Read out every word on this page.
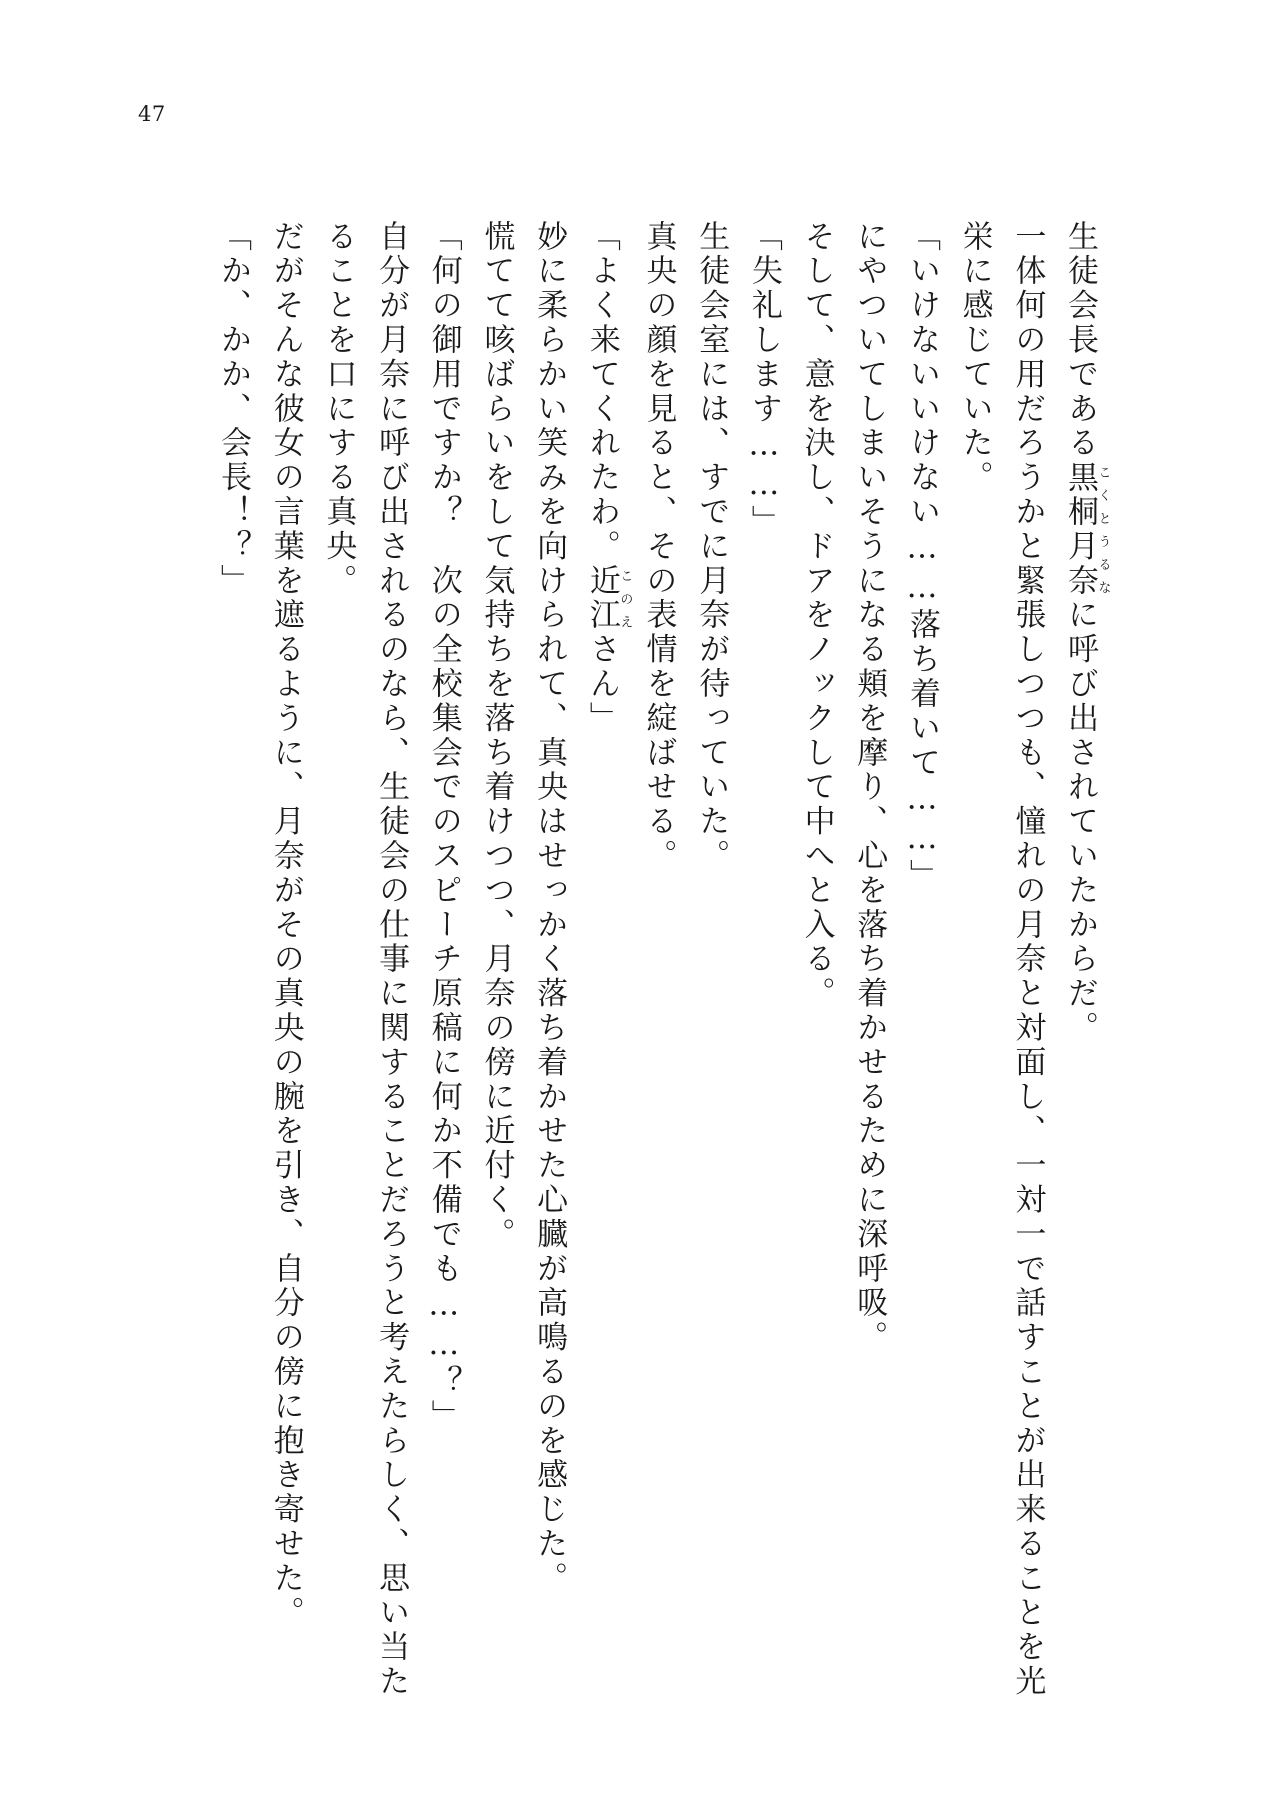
47

生徒会長である黒桐月奈こくとうるなに呼び出されていたからだ。

一体何の用だろうかと緊張しつつも、憧れの月奈と対面し、一対一で話すことが出来ることを光栄に感じていた。

「いけないいけない……落ち着いて……」

にやついてしまいそうになる頬を摩り、心を落ち着かせるために深呼吸。

そして、意を決し、ドアをノックして中へと入る。

「失礼します……」

生徒会室には、すでに月奈が待っていた。

真央の顔を見ると、その表情を綻ばせる。

「よく来てくれたわ。近江このえさん」

妙に柔らかい笑みを向けられて、真央はせっかく落ち着かせた心臓が高鳴るのを感じた。

慌てて咳ばらいをして気持ちを落ち着けつつ、月奈の傍に近付く。

「何の御用ですか？　次の全校集会でのスピーチ原稿に何か不備でも……？」

自分が月奈に呼び出されるのなら、生徒会の仕事に関することだろうと考えたらしく、思い当たることを口にする真央。

だがそんな彼女の言葉を遮るように、月奈がその真央の腕を引き、自分の傍に抱き寄せた。

「か、かか、会長！？」
